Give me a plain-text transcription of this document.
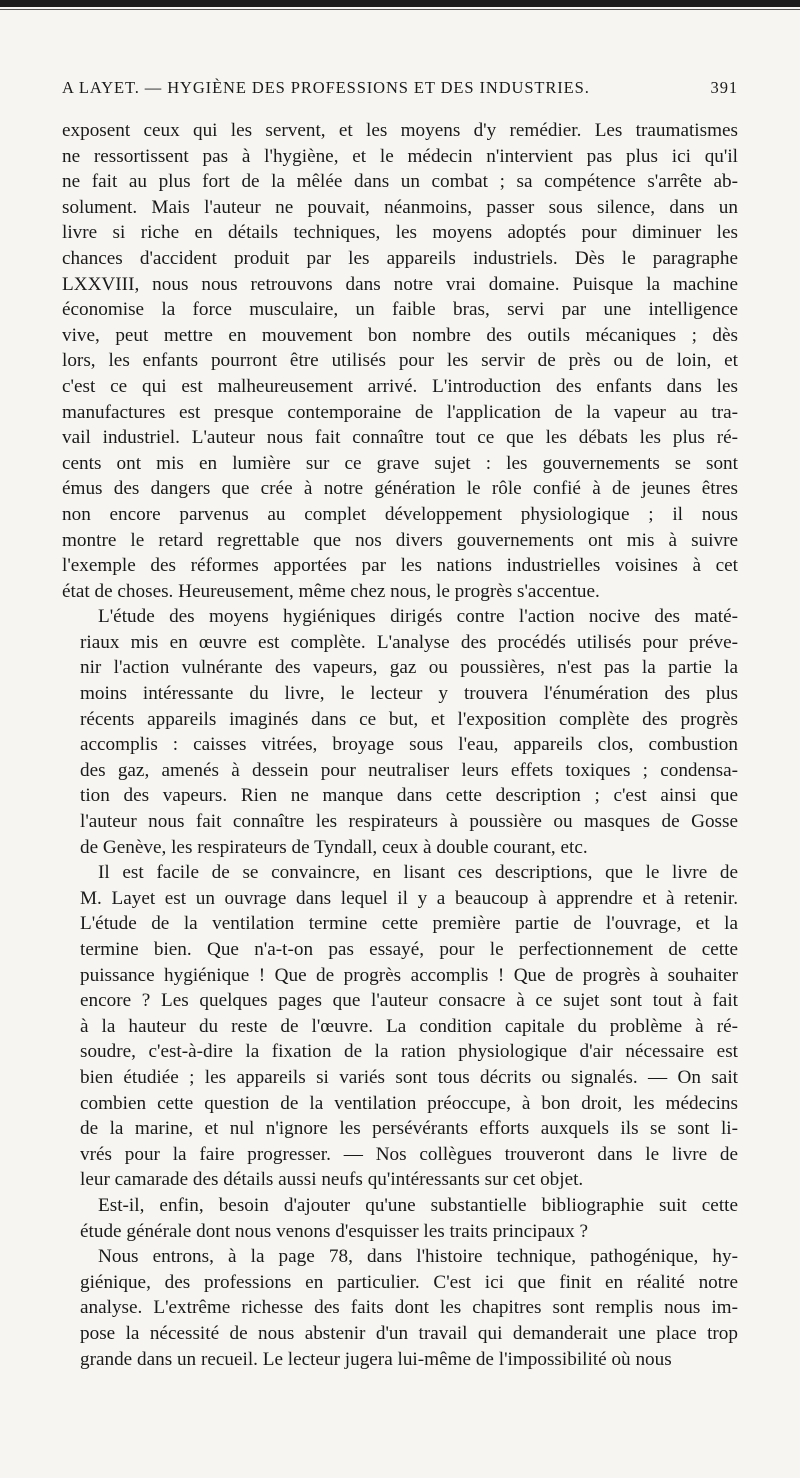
A LAYET. — HYGIÈNE DES PROFESSIONS ET DES INDUSTRIES.	391

exposent ceux qui les servent, et les moyens d'y remédier. Les traumatismes
ne ressortissent pas à l'hygiène, et le médecin n'intervient pas plus ici qu'il
ne fait au plus fort de la mêlée dans un combat ; sa compétence s'arrête ab-
solument. Mais l'auteur ne pouvait, néanmoins, passer sous silence, dans un
livre si riche en détails techniques, les moyens adoptés pour diminuer les
chances d'accident produit par les appareils industriels. Dès le paragraphe
LXXVIII, nous nous retrouvons dans notre vrai domaine. Puisque la machine
économise la force musculaire, un faible bras, servi par une intelligence
vive, peut mettre en mouvement bon nombre des outils mécaniques ; dès
lors, les enfants pourront être utilisés pour les servir de près ou de loin, et
c'est ce qui est malheureusement arrivé. L'introduction des enfants dans les
manufactures est presque contemporaine de l'application de la vapeur au tra-
vail industriel. L'auteur nous fait connaître tout ce que les débats les plus ré-
cents ont mis en lumière sur ce grave sujet : les gouvernements se sont
émus des dangers que crée à notre génération le rôle confié à de jeunes êtres
non encore parvenus au complet développement physiologique ; il nous
montre le retard regrettable que nos divers gouvernements ont mis à suivre
l'exemple des réformes apportées par les nations industrielles voisines à cet
état de choses. Heureusement, même chez nous, le progrès s'accentue.

L'étude des moyens hygiéniques dirigés contre l'action nocive des maté-
riaux mis en œuvre est complète. L'analyse des procédés utilisés pour préve-
nir l'action vulnérante des vapeurs, gaz ou poussières, n'est pas la partie la
moins intéressante du livre, le lecteur y trouvera l'énumération des plus
récents appareils imaginés dans ce but, et l'exposition complète des progrès
accomplis : caisses vitrées, broyage sous l'eau, appareils clos, combustion
des gaz, amenés à dessein pour neutraliser leurs effets toxiques ; condensa-
tion des vapeurs. Rien ne manque dans cette description ; c'est ainsi que
l'auteur nous fait connaître les respirateurs à poussière ou masques de Gosse
de Genève, les respirateurs de Tyndall, ceux à double courant, etc.

Il est facile de se convaincre, en lisant ces descriptions, que le livre de
M. Layet est un ouvrage dans lequel il y a beaucoup à apprendre et à retenir.
L'étude de la ventilation termine cette première partie de l'ouvrage, et la
termine bien. Que n'a-t-on pas essayé, pour le perfectionnement de cette
puissance hygiénique ! Que de progrès accomplis ! Que de progrès à souhaiter
encore ? Les quelques pages que l'auteur consacre à ce sujet sont tout à fait
à la hauteur du reste de l'œuvre. La condition capitale du problème à ré-
soudre, c'est-à-dire la fixation de la ration physiologique d'air nécessaire est
bien étudiée ; les appareils si variés sont tous décrits ou signalés. — On sait
combien cette question de la ventilation préoccupe, à bon droit, les médecins
de la marine, et nul n'ignore les persévérants efforts auxquels ils se sont li-
vrés pour la faire progresser. — Nos collègues trouveront dans le livre de
leur camarade des détails aussi neufs qu'intéressants sur cet objet.

Est-il, enfin, besoin d'ajouter qu'une substantielle bibliographie suit cette
étude générale dont nous venons d'esquisser les traits principaux ?

Nous entrons, à la page 78, dans l'histoire technique, pathogénique, hy-
giénique, des professions en particulier. C'est ici que finit en réalité notre
analyse. L'extrême richesse des faits dont les chapitres sont remplis nous im-
pose la nécessité de nous abstenir d'un travail qui demanderait une place trop
grande dans un recueil. Le lecteur jugera lui-même de l'impossibilité où nous
